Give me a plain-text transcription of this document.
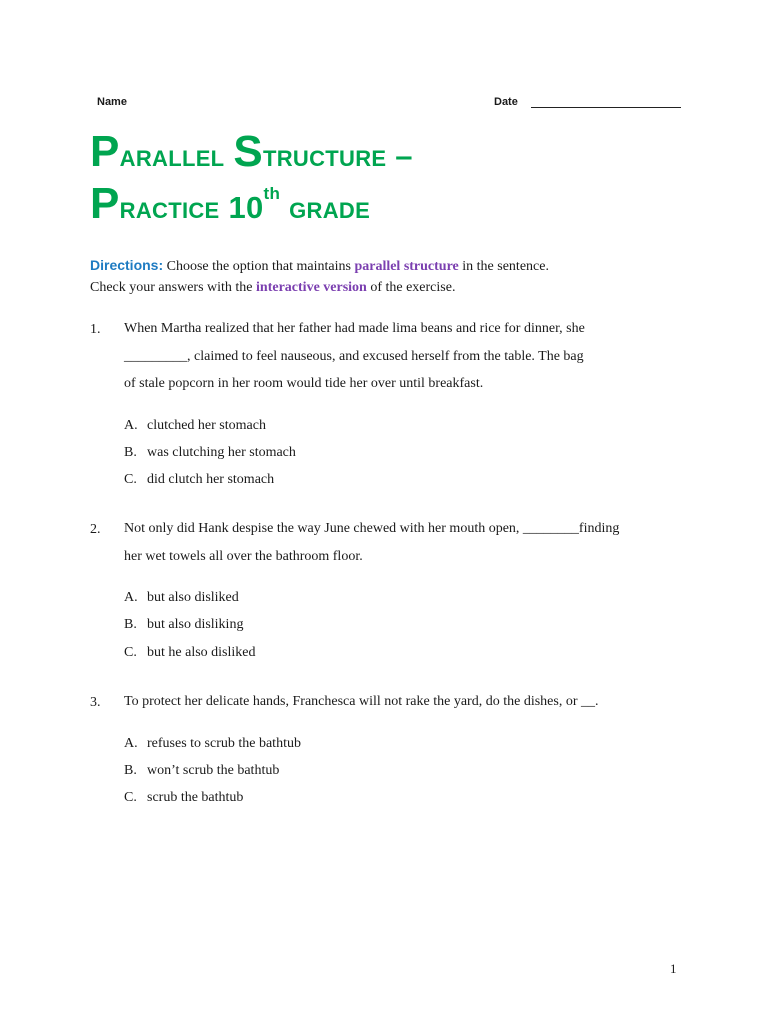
Name	Date
Parallel Structure –
Practice 10th grade
Directions: Choose the option that maintains parallel structure in the sentence.
Check your answers with the interactive version of the exercise.
1. When Martha realized that her father had made lima beans and rice for dinner, she
_________, claimed to feel nauseous, and excused herself from the table. The bag
of stale popcorn in her room would tide her over until breakfast.
A. clutched her stomach
B. was clutching her stomach
C. did clutch her stomach
2. Not only did Hank despise the way June chewed with her mouth open, ________finding
her wet towels all over the bathroom floor.
A. but also disliked
B. but also disliking
C. but he also disliked
3. To protect her delicate hands, Franchesca will not rake the yard, do the dishes, or __.
A. refuses to scrub the bathtub
B. won’t scrub the bathtub
C. scrub the bathtub
1
